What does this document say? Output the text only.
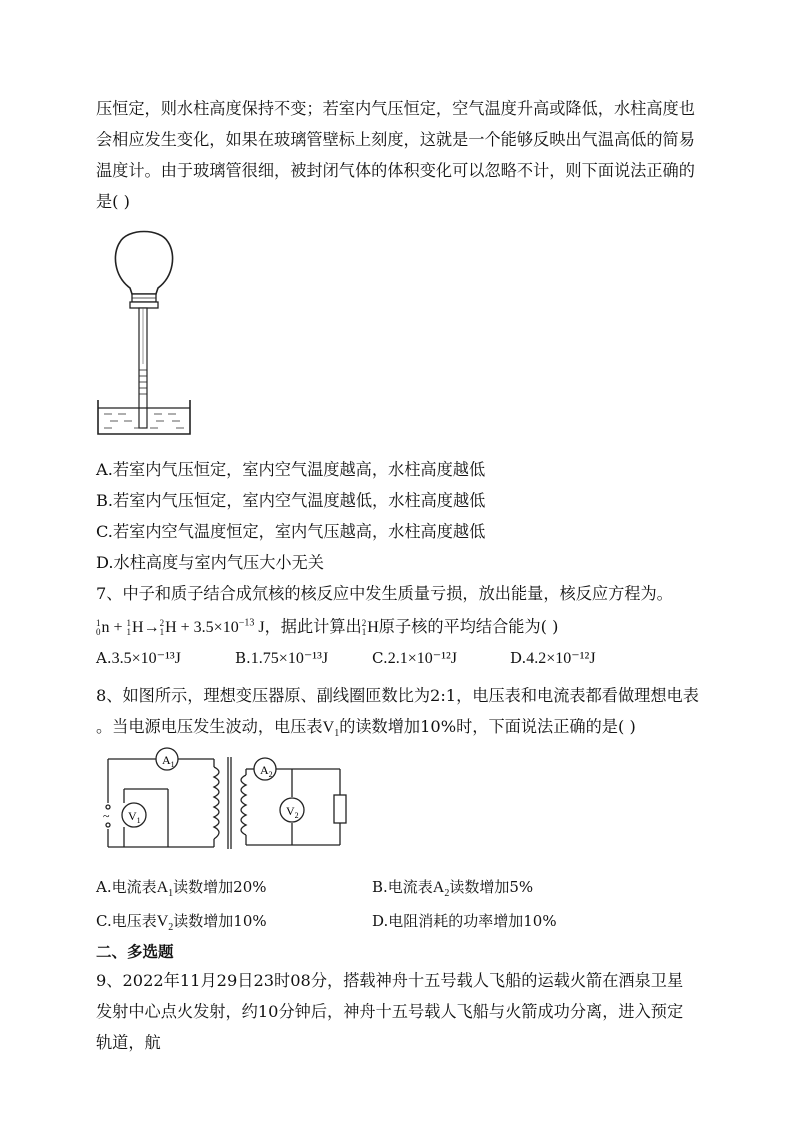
压恒定，则水柱高度保持不变；若室内气压恒定，空气温度升高或降低，水柱高度也会相应发生变化，如果在玻璃管壁标上刻度，这就是一个能够反映出气温高低的简易温度计。由于玻璃管很细，被封闭气体的体积变化可以忽略不计，则下面说法正确的是( )
A.若室内气压恒定，室内空气温度越高，水柱高度越低
B.若室内气压恒定，室内空气温度越低，水柱高度越低
C.若室内空气温度恒定，室内气压越高，水柱高度越低
D.水柱高度与室内气压大小无关
7、中子和质子结合成氘核的核反应中发生质量亏损，放出能量，核反应方程为。
1
0 n + 1
1 H→ 2
1 $H + 3.5\times 10^{-13}$ J，据此计算出 2
1 H原子核的平均结合能为( )
A.3.5×10⁻¹³J	B.1.75×10⁻¹³J	C.2.1×10⁻¹²J	D.4.2×10⁻¹²J
8、如图所示，理想变压器原、副线圈匝数比为2:1，电压表和电流表都看做理想电表
。当电源电压发生波动，电压表$V_1$的读数增加10%时，下面说法正确的是( )
$A_1$	$A_2$
$V_1$
$V_2$
~
A.电流表$A_1$读数增加20%	B.电流表$A_2$读数增加5%
C.电压表$V_2$读数增加10%	D.电阻消耗的功率增加10%
二、多选题
9、2022年11月29日23时08分，搭载神舟十五号载人飞船的运载火箭在酒泉卫星发射中心点火发射，约10分钟后，神舟十五号载人飞船与火箭成功分离，进入预定轨道，航
